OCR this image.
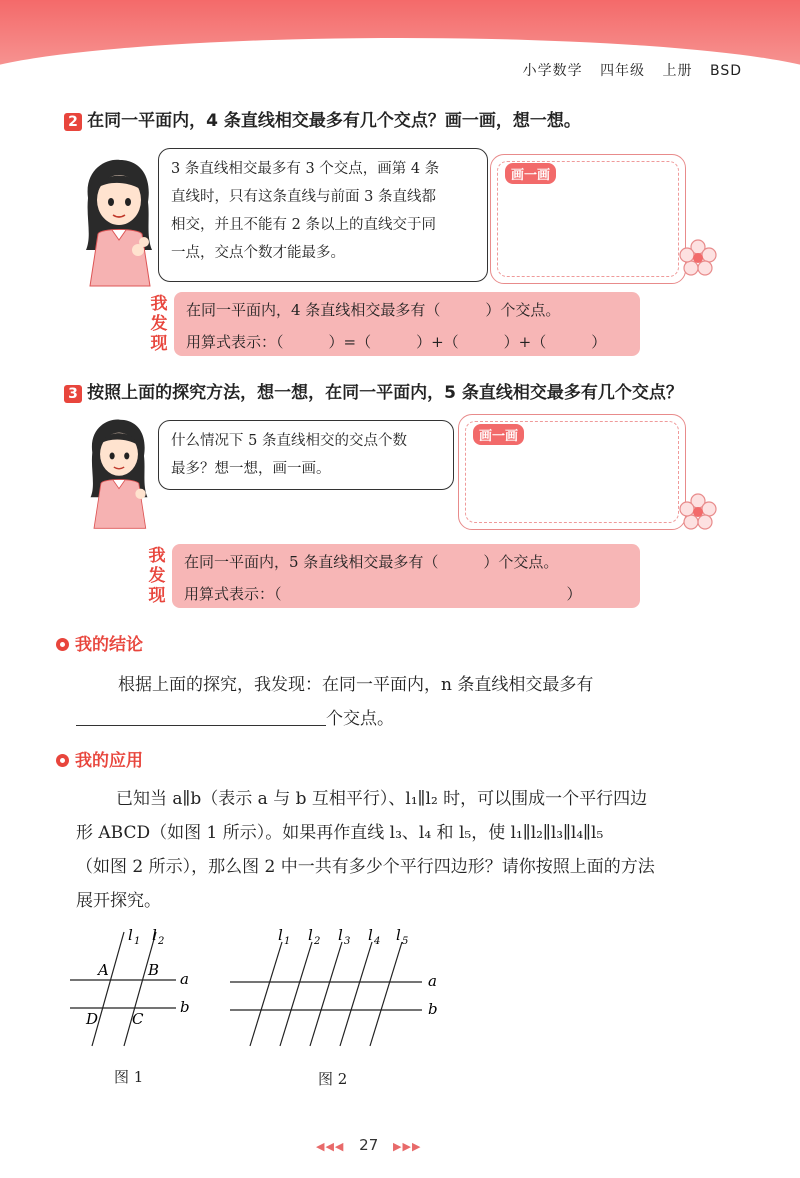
小学数学 四年级 上册 BSD
2 在同一平面内，4 条直线相交最多有几个交点？画一画，想一想。
3 条直线相交最多有 3 个交点，画第 4 条
直线时，只有这条直线与前面 3 条直线都
相交，并且不能有 2 条以上的直线交于同
一点，交点个数才能最多。
画一画
我
发
现
在同一平面内，4 条直线相交最多有（　　　）个交点。
用算式表示：（　　　）=（　　　）+（　　　）+（　　　）
3 按照上面的探究方法，想一想，在同一平面内，5 条直线相交最多有几个交点？
什么情况下 5 条直线相交的交点个数
最多？想一想，画一画。
画一画
我
发
现
在同一平面内，5 条直线相交最多有（　　　）个交点。
用算式表示：（　　　　　　　　　　　　　　　　　　　）
我的结论
根据上面的探究，我发现：在同一平面内，n 条直线相交最多有
个交点。
我的应用
已知当 a∥b（表示 a 与 b 互相平行）、l₁∥l₂ 时，可以围成一个平行四边
形 ABCD（如图 1 所示）。如果再作直线 l₃、l₄ 和 l₅，使 l₁∥l₂∥l₃∥l₄∥l₅
（如图 2 所示），那么图 2 中一共有多少个平行四边形？请你按照上面的方法
展开探究。
l 1 l 2
A	B
D C
a
b
图 1
l 1 l 2 l 3 l 4 l 5
a
b
图 2
◀◀◀ 27 ▶▶▶
